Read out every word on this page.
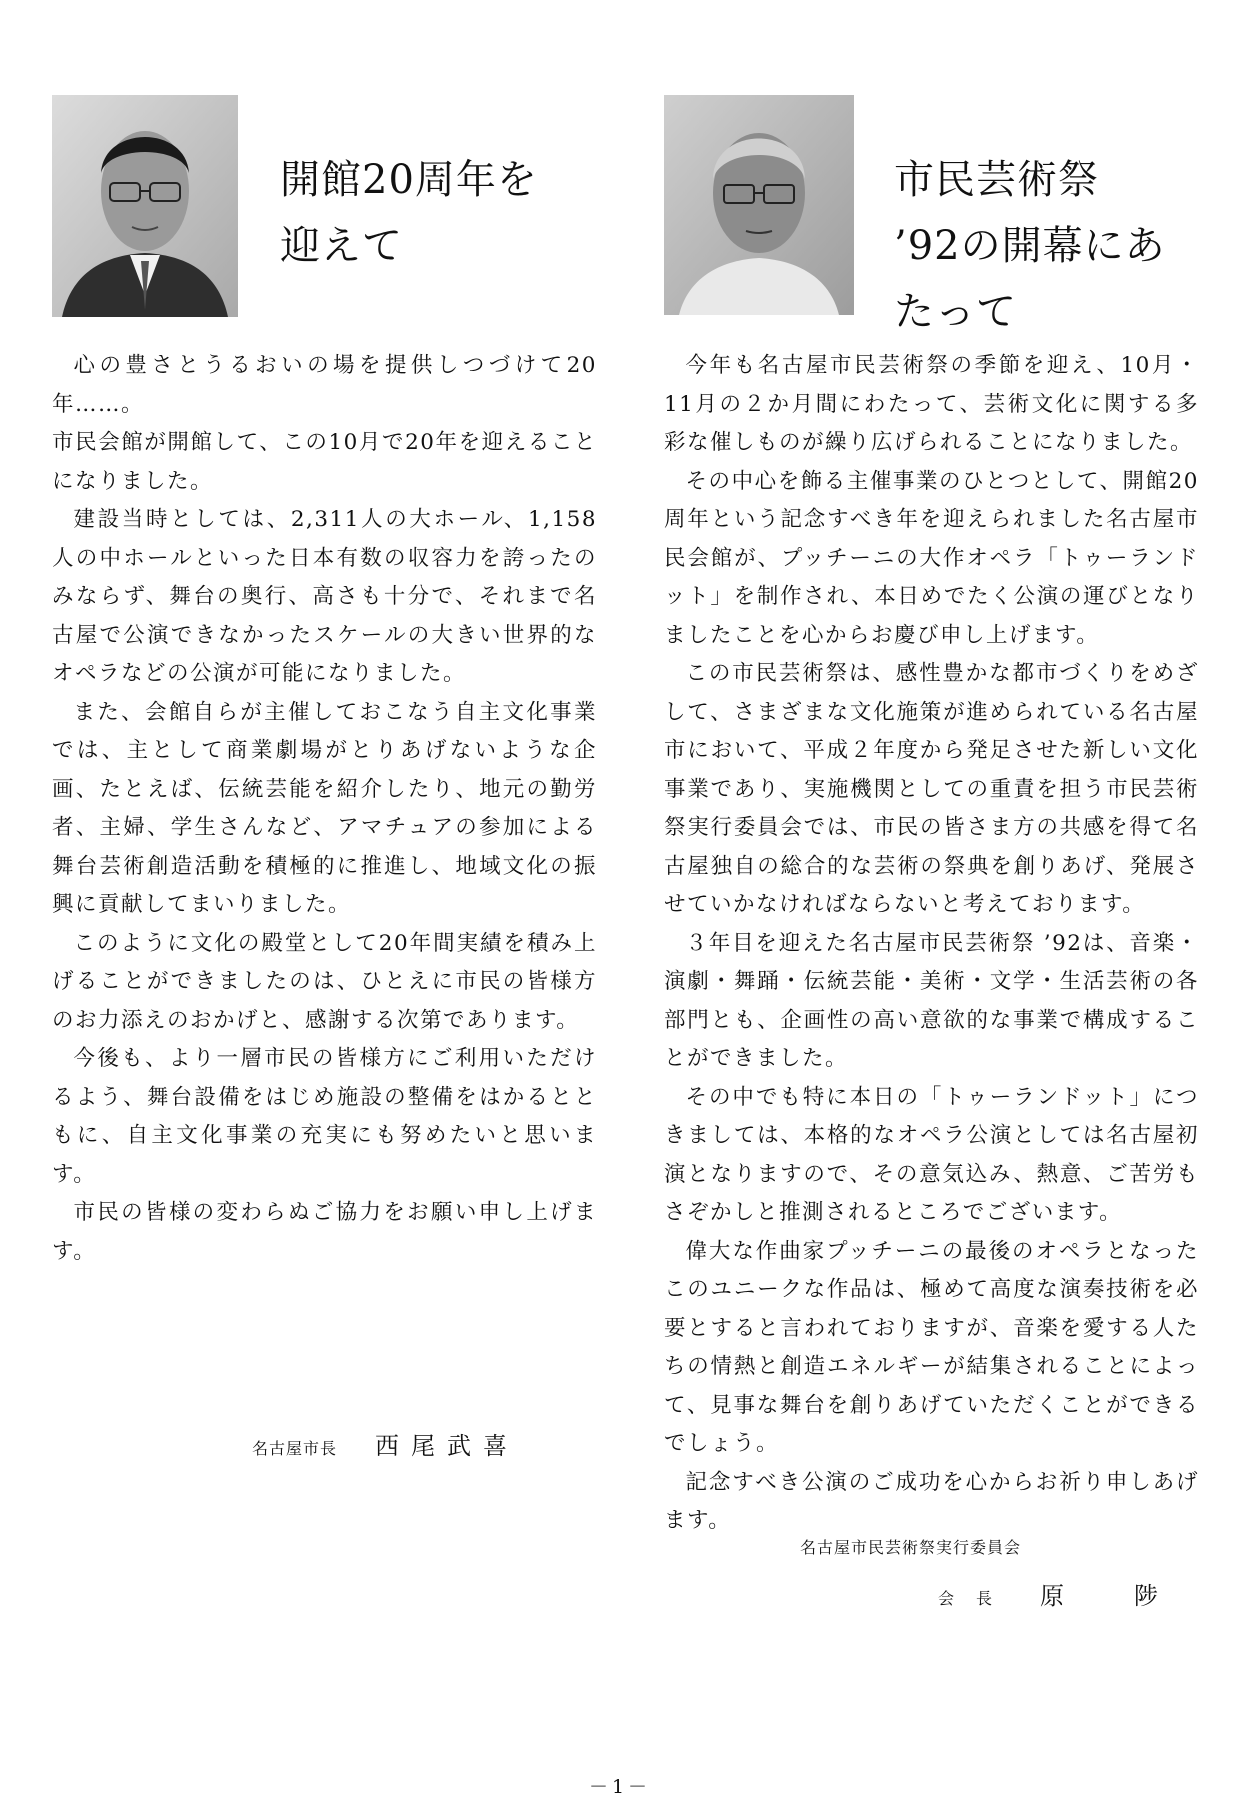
開館20周年を
迎えて

心の豊さとうるおいの場を提供しつづけて20年……。

市民会館が開館して、この10月で20年を迎えることになりました。

建設当時としては、2,311人の大ホール、1,158人の中ホールといった日本有数の収容力を誇ったのみならず、舞台の奥行、高さも十分で、それまで名古屋で公演できなかったスケールの大きい世界的なオペラなどの公演が可能になりました。

また、会館自らが主催しておこなう自主文化事業では、主として商業劇場がとりあげないような企画、たとえば、伝統芸能を紹介したり、地元の勤労者、主婦、学生さんなど、アマチュアの参加による舞台芸術創造活動を積極的に推進し、地域文化の振興に貢献してまいりました。

このように文化の殿堂として20年間実績を積み上げることができましたのは、ひとえに市民の皆様方のお力添えのおかげと、感謝する次第であります。

今後も、より一層市民の皆様方にご利用いただけるよう、舞台設備をはじめ施設の整備をはかるとともに、自主文化事業の充実にも努めたいと思います。

市民の皆様の変わらぬご協力をお願い申し上げます。

名古屋市長 西尾武喜
市民芸術祭
’92の開幕にあたって

今年も名古屋市民芸術祭の季節を迎え、10月・11月の２か月間にわたって、芸術文化に関する多彩な催しものが繰り広げられることになりました。

その中心を飾る主催事業のひとつとして、開館20周年という記念すべき年を迎えられました名古屋市民会館が、プッチーニの大作オペラ「トゥーランドット」を制作され、本日めでたく公演の運びとなりましたことを心からお慶び申し上げます。

この市民芸術祭は、感性豊かな都市づくりをめざして、さまざまな文化施策が進められている名古屋市において、平成２年度から発足させた新しい文化事業であり、実施機関としての重責を担う市民芸術祭実行委員会では、市民の皆さま方の共感を得て名古屋独自の総合的な芸術の祭典を創りあげ、発展させていかなければならないと考えております。

３年目を迎えた名古屋市民芸術祭 ’92は、音楽・演劇・舞踊・伝統芸能・美術・文学・生活芸術の各部門とも、企画性の高い意欲的な事業で構成することができました。

その中でも特に本日の「トゥーランドット」につきましては、本格的なオペラ公演としては名古屋初演となりますので、その意気込み、熱意、ご苦労もさぞかしと推測されるところでございます。

偉大な作曲家プッチーニの最後のオペラとなったこのユニークな作品は、極めて高度な演奏技術を必要とすると言われておりますが、音楽を愛する人たちの情熱と創造エネルギーが結集されることによって、見事な舞台を創りあげていただくことができるでしょう。

記念すべき公演のご成功を心からお祈り申しあげます。

名古屋市民芸術祭実行委員会
会長 原陟
－1－
